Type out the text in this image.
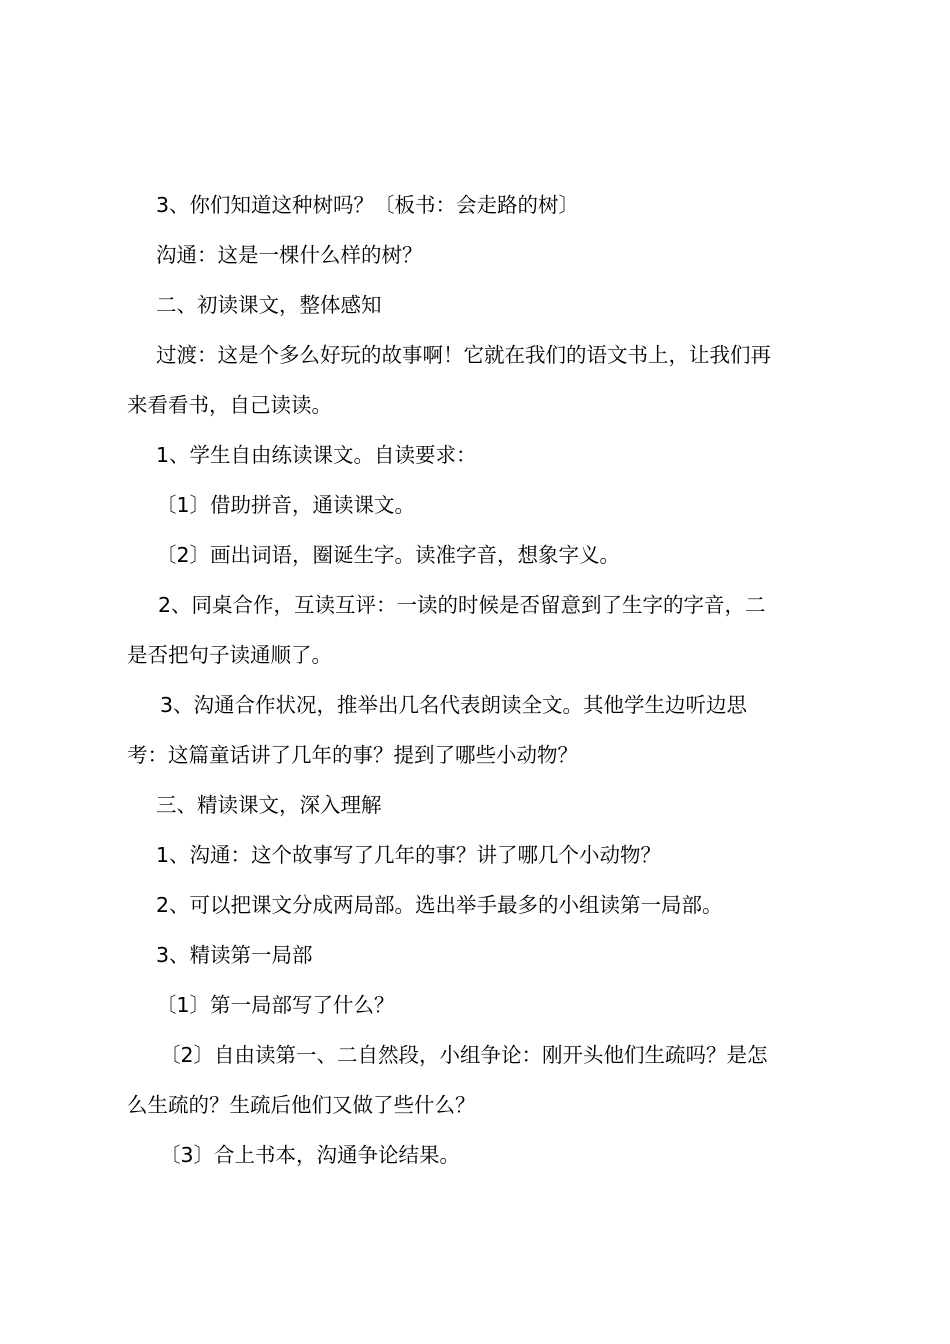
3、你们知道这种树吗？〔板书：会走路的树〕
沟通：这是一棵什么样的树？
二、初读课文，整体感知
过渡：这是个多么好玩的故事啊！它就在我们的语文书上，让我们再
来看看书，自己读读。
1、学生自由练读课文。自读要求：
〔1〕借助拼音，通读课文。
〔2〕画出词语，圈诞生字。读准字音，想象字义。
2、同桌合作，互读互评：一读的时候是否留意到了生字的字音，二
是否把句子读通顺了。
3、沟通合作状况，推举出几名代表朗读全文。其他学生边听边思
考：这篇童话讲了几年的事？提到了哪些小动物？
三、精读课文，深入理解
1、沟通：这个故事写了几年的事？讲了哪几个小动物？
2、可以把课文分成两局部。选出举手最多的小组读第一局部。
3、精读第一局部
〔1〕第一局部写了什么？
〔2〕自由读第一、二自然段，小组争论：刚开头他们生疏吗？是怎
么生疏的？生疏后他们又做了些什么？
〔3〕合上书本，沟通争论结果。
